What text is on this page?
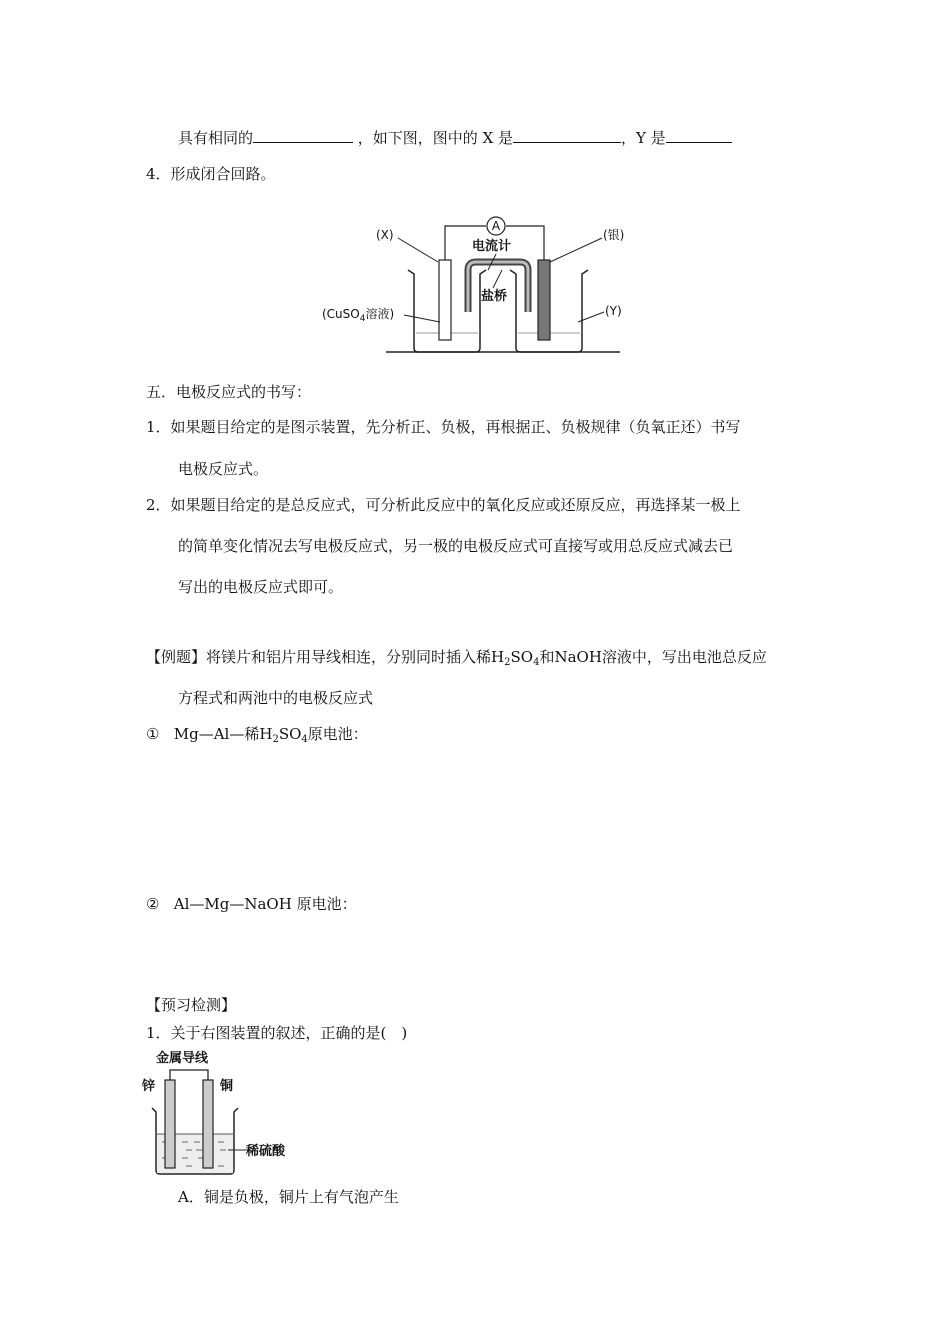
具有相同的	，如下图，图中的 X 是	，Y 是
4．形成闭合回路。
A
电流计
(X)	(银)
盐桥
(CuSO$_4$溶液)	(Y)
五．电极反应式的书写：
1．如果题目给定的是图示装置，先分析正、负极，再根据正、负极规律（负氧正还）书写
电极反应式。
2．如果题目给定的是总反应式，可分析此反应中的氧化反应或还原反应，再选择某一极上
的简单变化情况去写电极反应式，另一极的电极反应式可直接写或用总反应式减去已
写出的电极反应式即可。
【例题】将镁片和铝片用导线相连，分别同时插入稀$H_2SO_4$和NaOH溶液中，写出电池总反应
方程式和两池中的电极反应式
① Mg—Al—稀$H_2SO_4$原电池：
② Al—Mg—NaOH 原电池：
【预习检测】
1．关于右图装置的叙述，正确的是(　)
金属导线
锌	铜
稀硫酸
A．铜是负极，铜片上有气泡产生
